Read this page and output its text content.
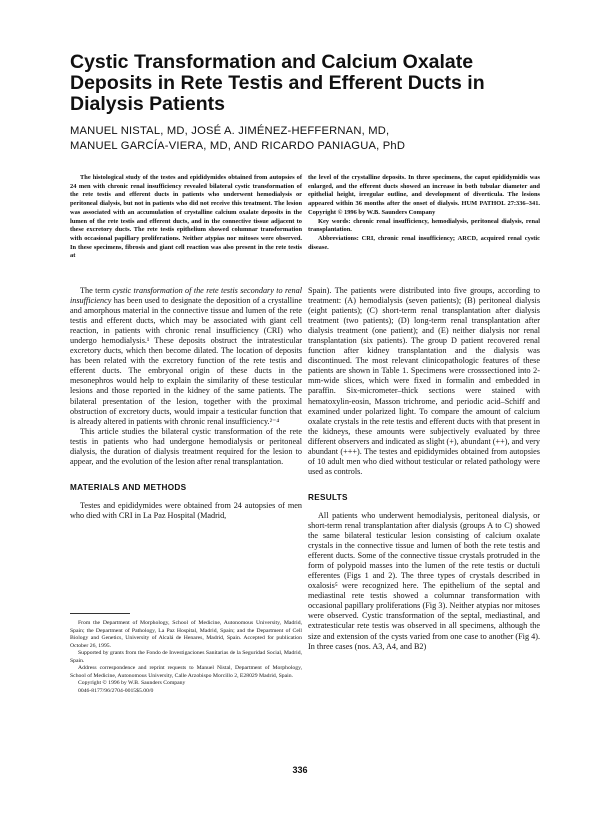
Cystic Transformation and Calcium Oxalate Deposits in Rete Testis and Efferent Ducts in Dialysis Patients
MANUEL NISTAL, MD, JOSÉ A. JIMÉNEZ-HEFFERNAN, MD,
MANUEL GARCÍA-VIERA, MD, AND RICARDO PANIAGUA, PhD

The histological study of the testes and epididymides obtained from autopsies of 24 men with chronic renal insufficiency revealed bilateral cystic transformation of the rete testis and efferent ducts in patients who underwent hemodialysis or peritoneal dialysis, but not in patients who did not receive this treatment. The lesion was associated with an accumulation of crystalline calcium oxalate deposits in the lumen of the rete testis and efferent ducts, and in the connective tissue adjacent to these excretory ducts. The rete testis epithelium showed columnar transformation with occasional papillary proliferations. Neither atypias nor mitoses were observed. In these specimens, fibrosis and giant cell reaction was also present in the rete testis at

the level of the crystalline deposits. In three specimens, the caput epididymidis was enlarged, and the efferent ducts showed an increase in both tubular diameter and epithelial height, irregular outline, and development of diverticula. The lesions appeared within 36 months after the onset of dialysis. HUM PATHOL 27:336–341. Copyright © 1996 by W.B. Saunders Company

Key words: chronic renal insufficiency, hemodialysis, peritoneal dialysis, renal transplantation.

Abbreviations: CRI, chronic renal insufficiency; ARCD, acquired renal cystic disease.

The term cystic transformation of the rete testis secondary to renal insufficiency has been used to designate the deposition of a crystalline and amorphous material in the connective tissue and lumen of the rete testis and efferent ducts, which may be associated with giant cell reaction, in patients with chronic renal insufficiency (CRI) who undergo hemodialysis.¹ These deposits obstruct the intratesticular excretory ducts, which then become dilated. The location of deposits has been related with the excretory function of the rete testis and efferent ducts. The embryonal origin of these ducts in the mesonephros would help to explain the similarity of these testicular lesions and those reported in the kidney of the same patients. The bilateral presentation of the lesion, together with the proximal obstruction of excretory ducts, would impair a testicular function that is already altered in patients with chronic renal insufficiency.²⁻⁴

This article studies the bilateral cystic transformation of the rete testis in patients who had undergone hemodialysis or peritoneal dialysis, the duration of dialysis treatment required for the lesion to appear, and the evolution of the lesion after renal transplantation.

MATERIALS AND METHODS

Testes and epididymides were obtained from 24 autopsies of men who died with CRI in La Paz Hospital (Madrid,

From the Department of Morphology, School of Medicine, Autonomous University, Madrid, Spain; the Department of Pathology, La Paz Hospital, Madrid, Spain; and the Department of Cell Biology and Genetics, University of Alcalá de Henares, Madrid, Spain. Accepted for publication October 26, 1995.

Supported by grants from the Fondo de Investigaciones Sanitarias de la Seguridad Social, Madrid, Spain.

Address correspondence and reprint requests to Manuel Nistal, Department of Morphology, School of Medicine, Autonomous University, Calle Arzobispo Morcillo 2, E28029 Madrid, Spain.

Copyright © 1996 by W.B. Saunders Company

0046-8177/96/2704-0015$5.00/0

Spain). The patients were distributed into five groups, according to treatment: (A) hemodialysis (seven patients); (B) peritoneal dialysis (eight patients); (C) short-term renal transplantation after dialysis treatment (two patients); (D) long-term renal transplantation after dialysis treatment (one patient); and (E) neither dialysis nor renal transplantation (six patients). The group D patient recovered renal function after kidney transplantation and the dialysis was discontinued. The most relevant clinicopathologic features of these patients are shown in Table 1. Specimens were crosssectioned into 2-mm-wide slices, which were fixed in formalin and embedded in paraffin. Six-micrometer–thick sections were stained with hematoxylin-eosin, Masson trichrome, and periodic acid–Schiff and examined under polarized light. To compare the amount of calcium oxalate crystals in the rete testis and efferent ducts with that present in the kidneys, these amounts were subjectively evaluated by three different observers and indicated as slight (+), abundant (++), and very abundant (+++). The testes and epididymides obtained from autopsies of 10 adult men who died without testicular or related pathology were used as controls.

RESULTS

All patients who underwent hemodialysis, peritoneal dialysis, or short-term renal transplantation after dialysis (groups A to C) showed the same bilateral testicular lesion consisting of calcium oxalate crystals in the connective tissue and lumen of both the rete testis and efferent ducts. Some of the connective tissue crystals protruded in the form of polypoid masses into the lumen of the rete testis or ductuli efferentes (Figs 1 and 2). The three types of crystals described in oxalosis⁵ were recognized here. The epithelium of the septal and mediastinal rete testis showed a columnar transformation with occasional papillary proliferations (Fig 3). Neither atypias nor mitoses were observed. Cystic transformation of the septal, mediastinal, and extratesticular rete testis was observed in all specimens, although the size and extension of the cysts varied from one case to another (Fig 4). In three cases (nos. A3, A4, and B2)

336
